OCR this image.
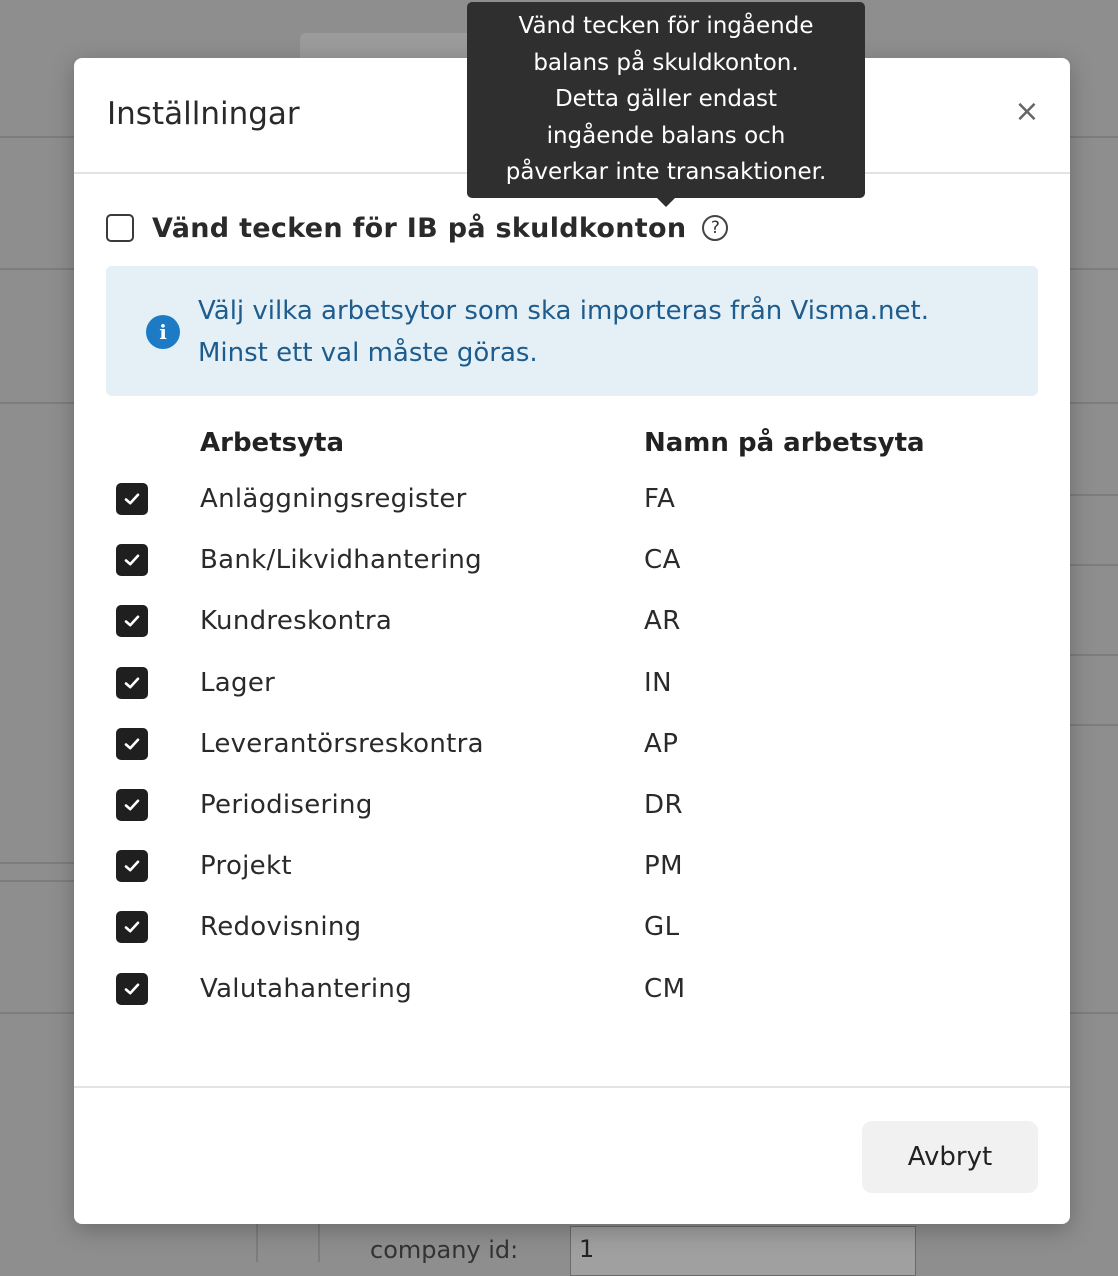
company id:	1
Inställningar	×
Vänd tecken för IB på skuldkonton	?
i
Välj vilka arbetsytor som ska importeras från Visma.net.
Minst ett val måste göras.
Arbetsyta	Namn på arbetsyta
Anläggningsregister	FA
Bank/Likvidhantering	CA
Kundreskontra	AR
Lager	IN
Leverantörsreskontra	AP
Periodisering	DR
Projekt	PM
Redovisning	GL
Valutahantering	CM
Avbryt
Vänd tecken för ingående
balans på skuldkonton.
Detta gäller endast
ingående balans och
påverkar inte transaktioner.
